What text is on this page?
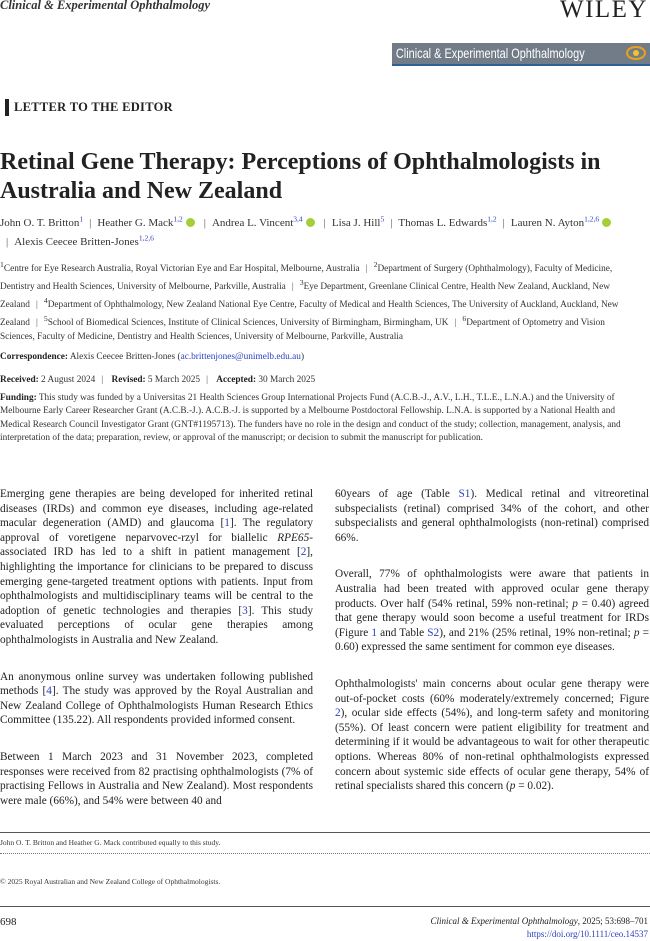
Clinical & Experimental Ophthalmology	WILEY
Clinical & Experimental Ophthalmology
LETTER TO THE EDITOR
Retinal Gene Therapy: Perceptions of Ophthalmologists in Australia and New Zealand
John O. T. Britton$^1$ | Heather G. Mack$^{1,2}$ | Andrea L. Vincent$^{3,4}$ | Lisa J. Hill$^5$ | Thomas L. Edwards$^{1,2}$ | Lauren N. Ayton$^{1,2,6}$| Alexis Ceecee Britten-Jones$^{1,2,6}$
$^1$Centre for Eye Research Australia, Royal Victorian Eye and Ear Hospital, Melbourne, Australia | $^2$Department of Surgery (Ophthalmology), Faculty of Medicine, Dentistry and Health Sciences, University of Melbourne, Parkville, Australia | $^3$Eye Department, Greenlane Clinical Centre, Health New Zealand, Auckland, New Zealand | $^4$Department of Ophthalmology, New Zealand National Eye Centre, Faculty of Medical and Health Sciences, The University of Auckland, Auckland, New Zealand | $^5$School of Biomedical Sciences, Institute of Clinical Sciences, University of Birmingham, Birmingham, UK | $^6$Department of Optometry and Vision Sciences, Faculty of Medicine, Dentistry and Health Sciences, University of Melbourne, Parkville, Australia
Correspondence: Alexis Ceecee Britten-Jones (ac.brittenjones@unimelb.edu.au)
Received: 2 August 2024 | Revised: 5 March 2025 | Accepted: 30 March 2025
Funding: This study was funded by a Universitas 21 Health Sciences Group International Projects Fund (A.C.B.-J., A.V., L.H., T.L.E., L.N.A.) and the University of Melbourne Early Career Researcher Grant (A.C.B.-J.). A.C.B.-J. is supported by a Melbourne Postdoctoral Fellowship. L.N.A. is supported by a National Health and Medical Research Council Investigator Grant (GNT#1195713). The funders have no role in the design and conduct of the study; collection, management, analysis, and interpretation of the data; preparation, review, or approval of the manuscript; or decision to submit the manuscript for publication.

Emerging gene therapies are being developed for inherited retinal diseases (IRDs) and common eye diseases, including age-related macular degeneration (AMD) and glaucoma [1]. The regulatory approval of voretigene neparvovec-rzyl for biallelic RPE65-associated IRD has led to a shift in patient management [2], highlighting the importance for clinicians to be prepared to discuss emerging gene-targeted treatment options with patients. Input from ophthalmologists and multidisciplinary teams will be central to the adoption of genetic technologies and therapies [3]. This study evaluated perceptions of ocular gene therapies among ophthalmologists in Australia and New Zealand.

An anonymous online survey was undertaken following published methods [4]. The study was approved by the Royal Australian and New Zealand College of Ophthalmologists Human Research Ethics Committee (135.22). All respondents provided informed consent.

Between 1 March 2023 and 31 November 2023, completed responses were received from 82 practising ophthalmologists (7% of practising Fellows in Australia and New Zealand). Most respondents were male (66%), and 54% were between 40 and

60years of age (Table S1). Medical retinal and vitreoretinal subspecialists (retinal) comprised 34% of the cohort, and other subspecialists and general ophthalmologists (non-retinal) comprised 66%.

Overall, 77% of ophthalmologists were aware that patients in Australia had been treated with approved ocular gene therapy products. Over half (54% retinal, 59% non-retinal; p = 0.40) agreed that gene therapy would soon become a useful treatment for IRDs (Figure 1 and Table S2), and 21% (25% retinal, 19% non-retinal; p = 0.60) expressed the same sentiment for common eye diseases.

Ophthalmologists' main concerns about ocular gene therapy were out-of-pocket costs (60% moderately/extremely concerned; Figure 2), ocular side effects (54%), and long-term safety and monitoring (55%). Of least concern were patient eligibility for treatment and determining if it would be advantageous to wait for other therapeutic options. Whereas 80% of non-retinal ophthalmologists expressed concern about systemic side effects of ocular gene therapy, 54% of retinal specialists shared this concern (p = 0.02).

John O. T. Britton and Heather G. Mack contributed equally to this study.
© 2025 Royal Australian and New Zealand College of Ophthalmologists.
698	Clinical & Experimental Ophthalmology, 2025; 53:698–701
https://doi.org/10.1111/ceo.14537
